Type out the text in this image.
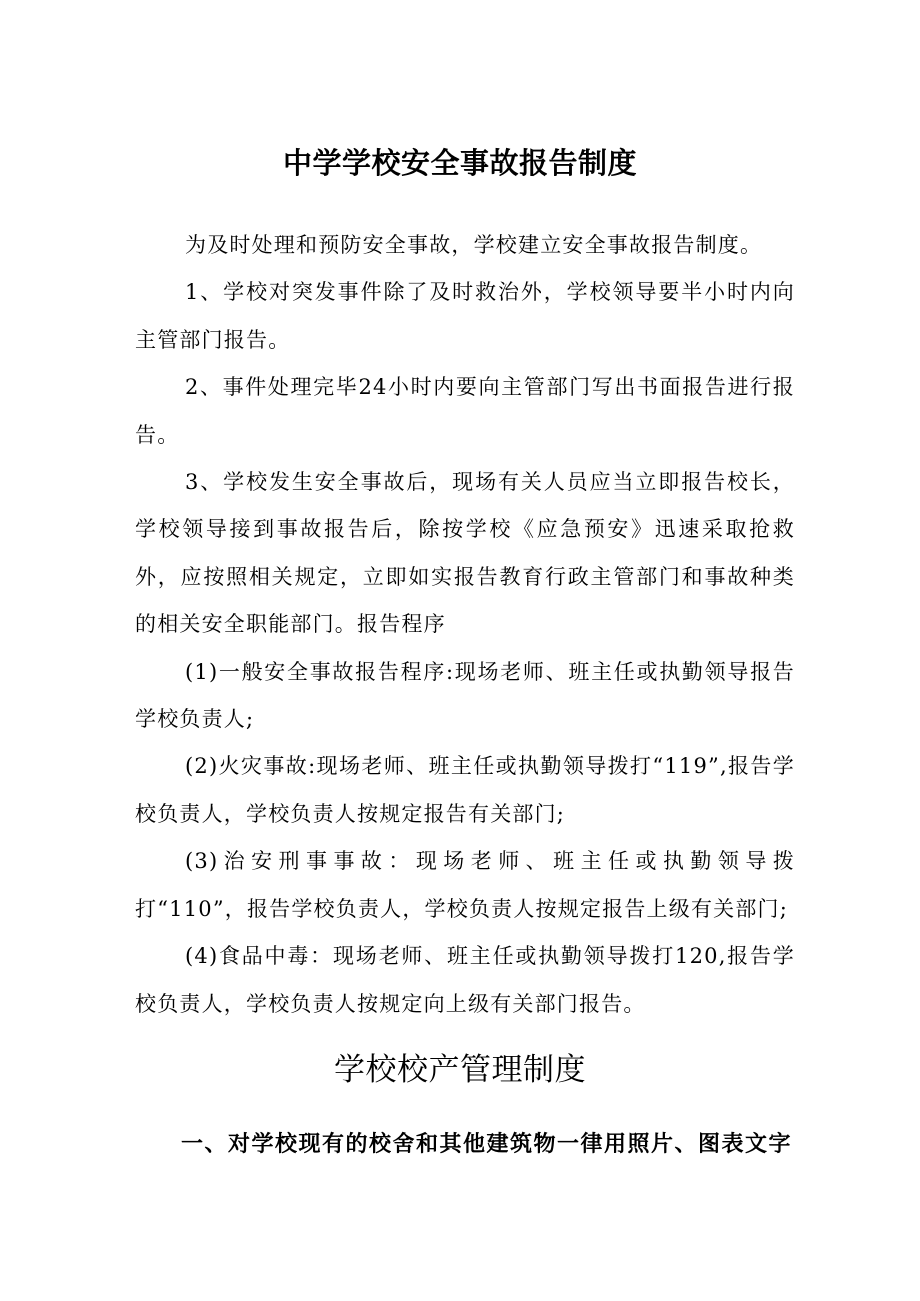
中学学校安全事故报告制度

为及时处理和预防安全事故，学校建立安全事故报告制度。

1、学校对突发事件除了及时救治外，学校领导要半小时内向主管部门报告。

2、事件处理完毕24小时内要向主管部门写出书面报告进行报告。

3、学校发生安全事故后，现场有关人员应当立即报告校长，学校领导接到事故报告后，除按学校《应急预安》迅速采取抢救外，应按照相关规定，立即如实报告教育行政主管部门和事故种类的相关安全职能部门。报告程序

(1)一般安全事故报告程序:现场老师、班主任或执勤领导报告学校负责人;

(2)火灾事故:现场老师、班主任或执勤领导拨打“119”,报告学校负责人，学校负责人按规定报告有关部门;

(3)治安刑事事故：现场老师、班主任或执勤领导拨打“110”，报告学校负责人，学校负责人按规定报告上级有关部门;

(4)食品中毒：现场老师、班主任或执勤领导拨打120,报告学校负责人，学校负责人按规定向上级有关部门报告。

学校校产管理制度

一、对学校现有的校舍和其他建筑物一律用照片、图表文字
